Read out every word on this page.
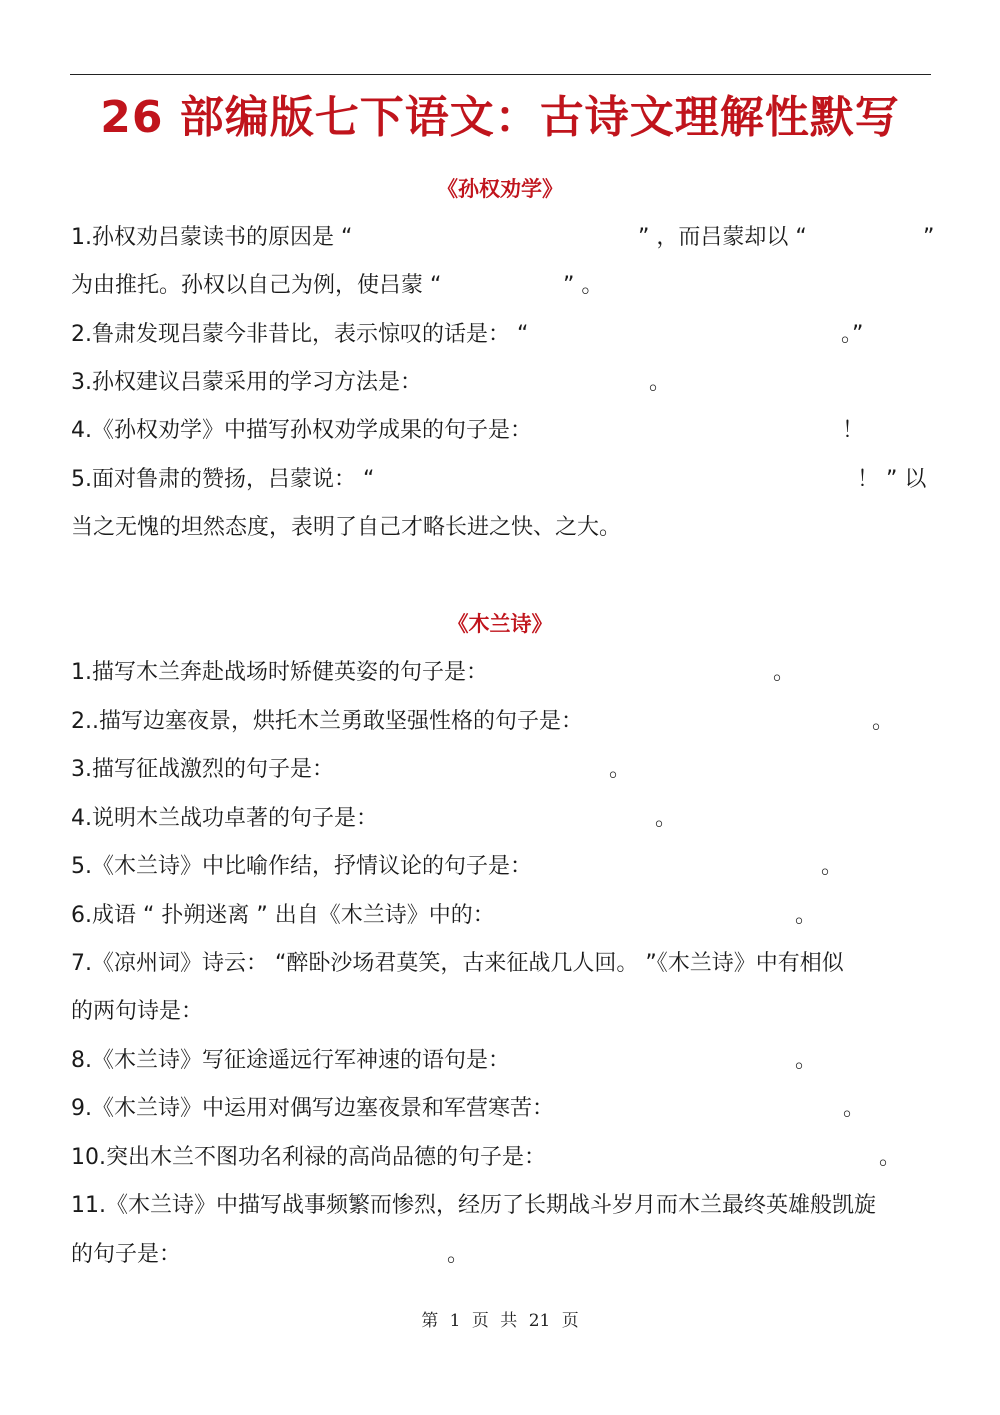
26 部编版七下语文：古诗文理解性默写
《孙权劝学》
1.孙权劝吕蒙读书的原因是 “	” ，而吕蒙却以 “	”
为由推托。孙权以自己为例，使吕蒙 “	” 。
2.鲁肃发现吕蒙今非昔比，表示惊叹的话是： “	。”
3.孙权建议吕蒙采用的学习方法是：	。
4.《孙权劝学》中描写孙权劝学成果的句子是：	！
5.面对鲁肃的赞扬，吕蒙说： “	！ ” 以
当之无愧的坦然态度，表明了自己才略长进之快、之大。
《木兰诗》
1.描写木兰奔赴战场时矫健英姿的句子是：	。
2..描写边塞夜景，烘托木兰勇敢坚强性格的句子是：	。
3.描写征战激烈的句子是：	。
4.说明木兰战功卓著的句子是：	。
5.《木兰诗》中比喻作结，抒情议论的句子是：	。
6.成语 “ 扑朔迷离 ” 出自《木兰诗》中的：	。
7.《凉州词》诗云： “醉卧沙场君莫笑，古来征战几人回。 ”《木兰诗》中有相似
的两句诗是：
8.《木兰诗》写征途遥远行军神速的语句是：	。
9.《木兰诗》中运用对偶写边塞夜景和军营寒苦：	。
10.突出木兰不图功名利禄的高尚品德的句子是：	。
11.《木兰诗》中描写战事频繁而惨烈，经历了长期战斗岁月而木兰最终英雄般凯旋
的句子是：	。
第 1 页 共 21 页
